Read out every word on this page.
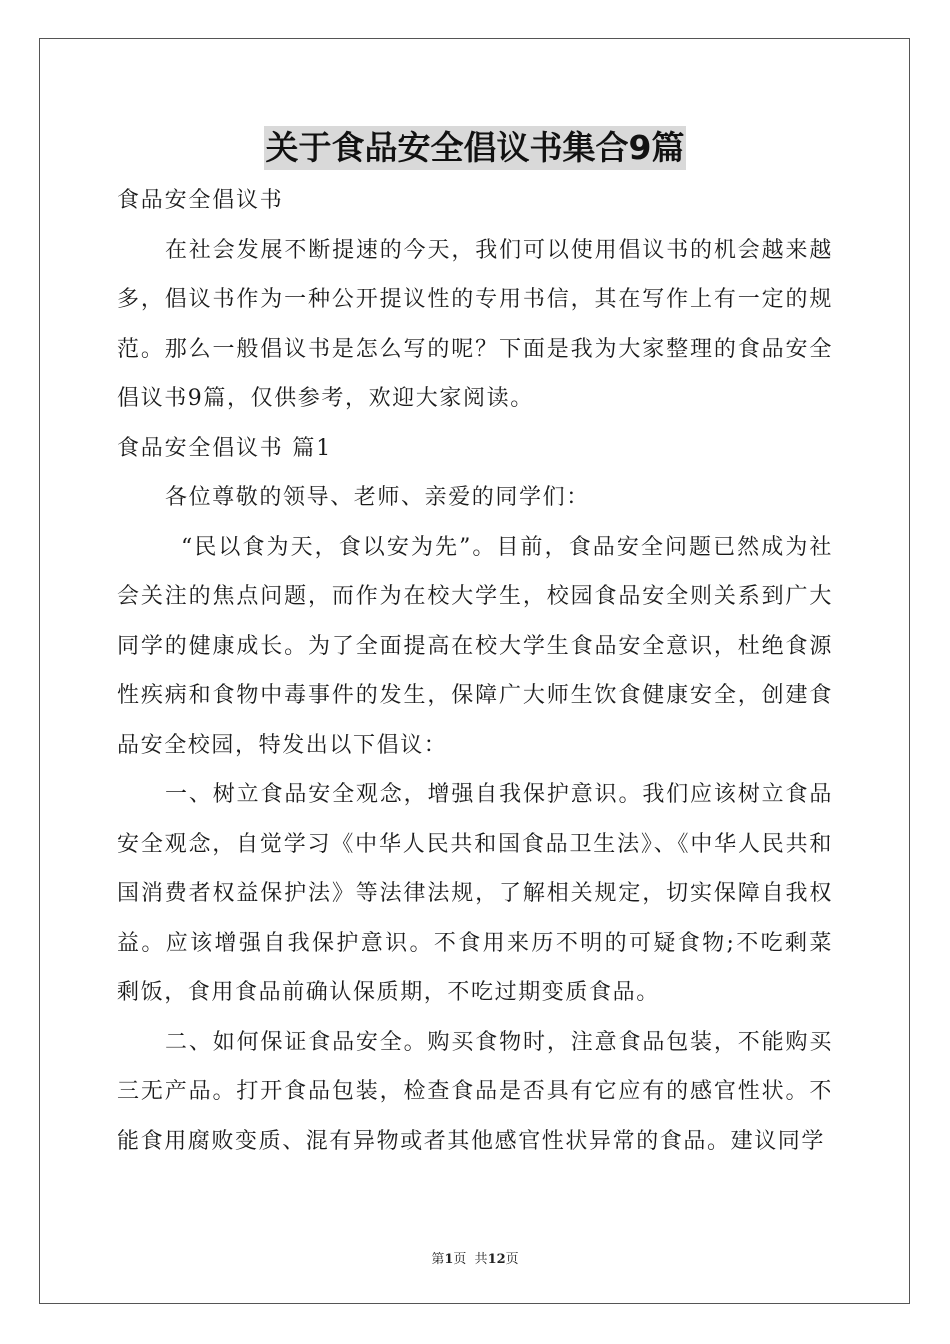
关于食品安全倡议书集合9篇

食品安全倡议书

在社会发展不断提速的今天，我们可以使用倡议书的机会越来越多，倡议书作为一种公开提议性的专用书信，其在写作上有一定的规范。那么一般倡议书是怎么写的呢？下面是我为大家整理的食品安全倡议书9篇，仅供参考，欢迎大家阅读。

食品安全倡议书 篇1

各位尊敬的领导、老师、亲爱的同学们：

“民以食为天，食以安为先”。目前，食品安全问题已然成为社会关注的焦点问题，而作为在校大学生，校园食品安全则关系到广大同学的健康成长。为了全面提高在校大学生食品安全意识，杜绝食源性疾病和食物中毒事件的发生，保障广大师生饮食健康安全，创建食品安全校园，特发出以下倡议：

一、树立食品安全观念，增强自我保护意识。我们应该树立食品安全观念，自觉学习《中华人民共和国食品卫生法》、《中华人民共和国消费者权益保护法》等法律法规，了解相关规定，切实保障自我权益。应该增强自我保护意识。不食用来历不明的可疑食物;不吃剩菜剩饭，食用食品前确认保质期，不吃过期变质食品。

二、如何保证食品安全。购买食物时，注意食品包装，不能购买三无产品。打开食品包装，检查食品是否具有它应有的感官性状。不能食用腐败变质、混有异物或者其他感官性状异常的食品。建议同学

第1页 共12页
